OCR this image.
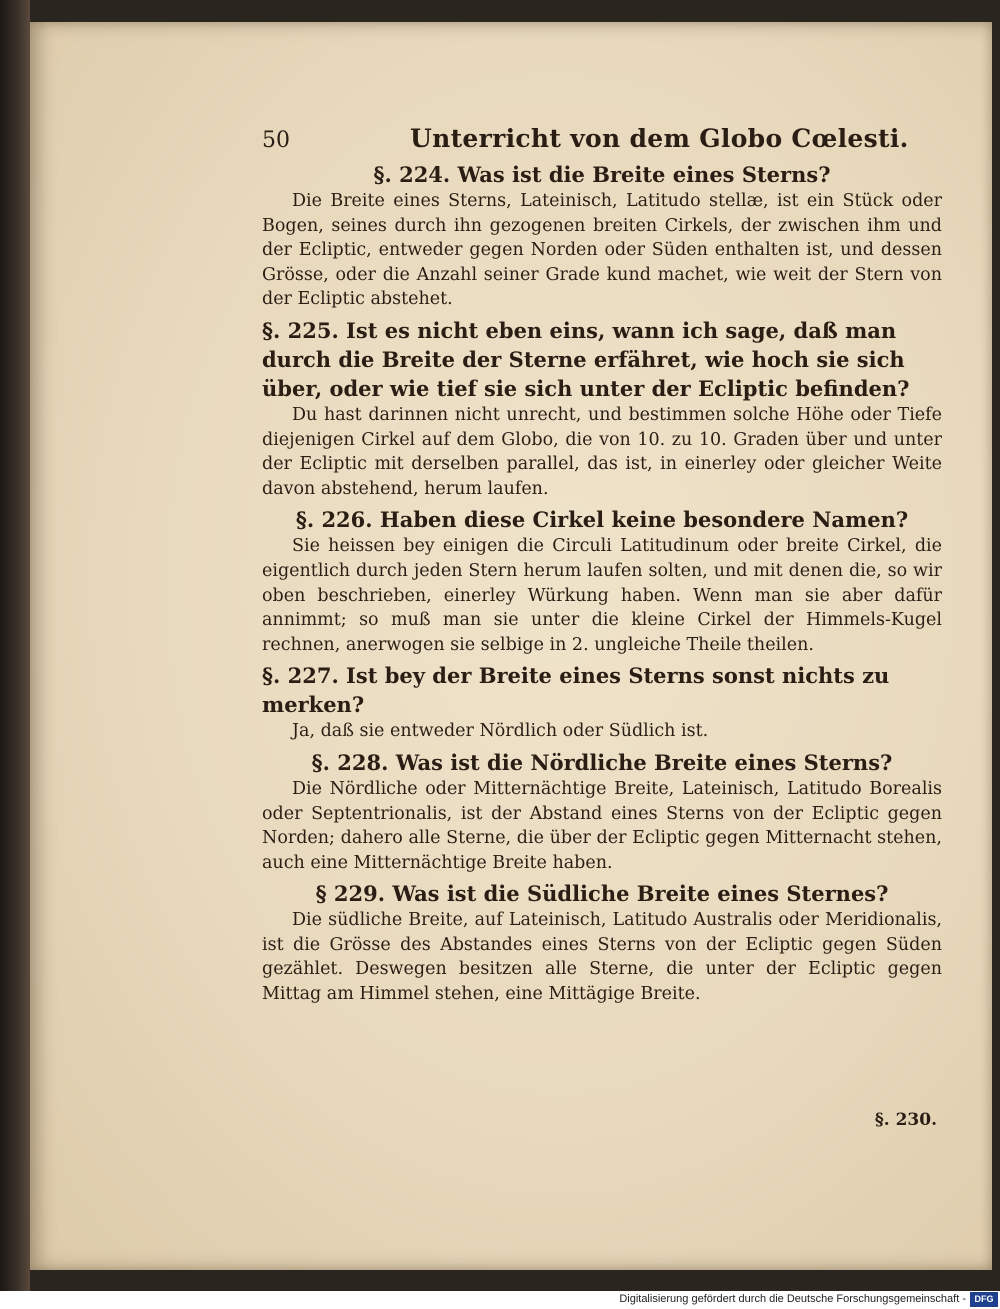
50	Unterricht von dem Globo Cœlesti.

§. 224. Was ist die Breite eines Sterns?

Die Breite eines Sterns, Lateinisch, Latitudo stellæ, ist ein Stück oder Bogen, seines durch ihn gezogenen breiten Cirkels, der zwischen ihm und der Ecliptic, entweder gegen Norden oder Süden enthalten ist, und dessen Grösse, oder die Anzahl seiner Grade kund machet, wie weit der Stern von der Ecliptic abstehet.

§. 225. Ist es nicht eben eins, wann ich sage, daß man durch die Breite der Sterne erfähret, wie hoch sie sich über, oder wie tief sie sich unter der Ecliptic befinden?

Du hast darinnen nicht unrecht, und bestimmen solche Höhe oder Tiefe diejenigen Cirkel auf dem Globo, die von 10. zu 10. Graden über und unter der Ecliptic mit derselben parallel, das ist, in einerley oder gleicher Weite davon abstehend, herum laufen.

§. 226. Haben diese Cirkel keine besondere Namen?

Sie heissen bey einigen die Circuli Latitudinum oder breite Cirkel, die eigentlich durch jeden Stern herum laufen solten, und mit denen die, so wir oben beschrieben, einerley Würkung haben. Wenn man sie aber dafür annimmt; so muß man sie unter die kleine Cirkel der Himmels-Kugel rechnen, anerwogen sie selbige in 2. ungleiche Theile theilen.

§. 227. Ist bey der Breite eines Sterns sonst nichts zu merken?

Ja, daß sie entweder Nördlich oder Südlich ist.

§. 228. Was ist die Nördliche Breite eines Sterns?

Die Nördliche oder Mitternächtige Breite, Lateinisch, Latitudo Borealis oder Septentrionalis, ist der Abstand eines Sterns von der Ecliptic gegen Norden; dahero alle Sterne, die über der Ecliptic gegen Mitternacht stehen, auch eine Mitternächtige Breite haben.

§ 229. Was ist die Südliche Breite eines Sternes?

Die südliche Breite, auf Lateinisch, Latitudo Australis oder Meridionalis, ist die Grösse des Abstandes eines Sterns von der Ecliptic gegen Süden gezählet. Deswegen besitzen alle Sterne, die unter der Ecliptic gegen Mittag am Himmel stehen, eine Mittägige Breite.

§. 230.
Digitalisierung gefördert durch die Deutsche Forschungsgemeinschaft - DFG
